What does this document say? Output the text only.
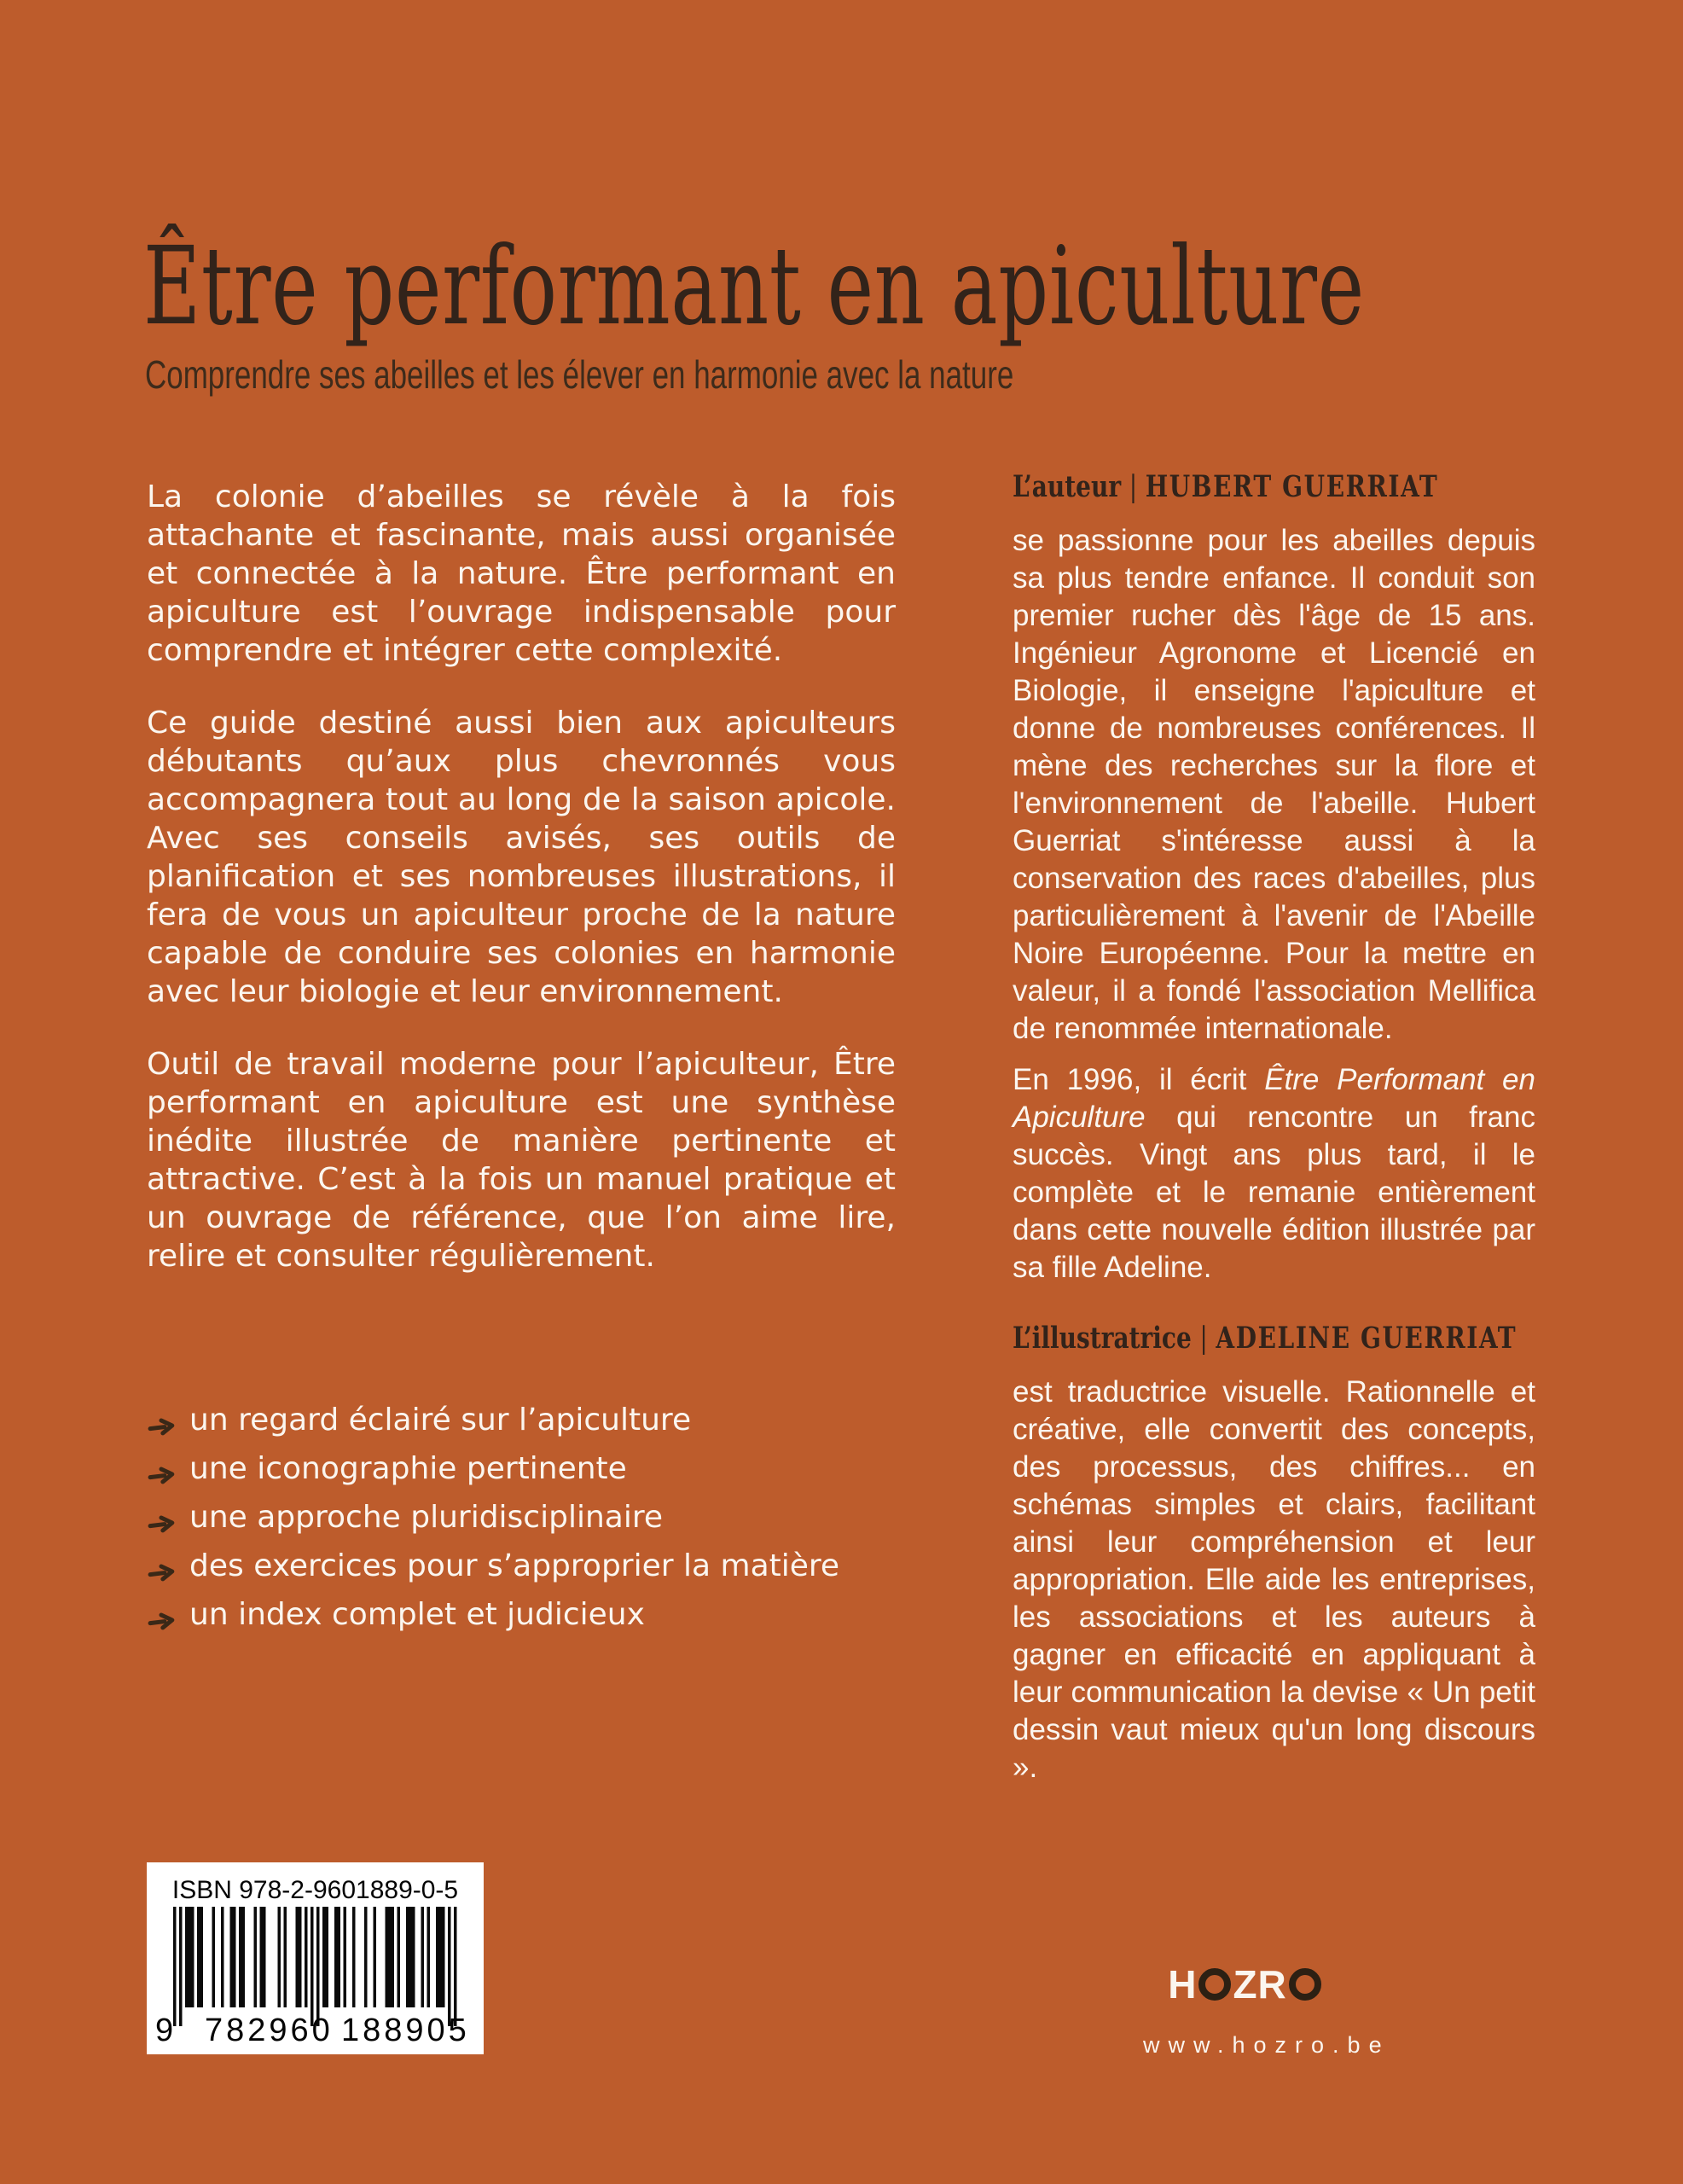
Être performant en apiculture
Comprendre ses abeilles et les élever en harmonie avec la nature

La colonie d’abeilles se révèle à la fois attachante et fascinante, mais aussi organisée et connectée à la nature. Être performant en apiculture est l’ouvrage indispensable pour comprendre et intégrer cette complexité.

Ce guide destiné aussi bien aux apiculteurs débutants qu’aux plus chevronnés vous accompagnera tout au long de la saison apicole. Avec ses conseils avisés, ses outils de planification et ses nombreuses illustrations, il fera de vous un apiculteur proche de la nature capable de conduire ses colonies en harmonie avec leur biologie et leur environnement.

Outil de travail moderne pour l’apiculteur, Être performant en apiculture est une synthèse inédite illustrée de manière pertinente et attractive. C’est à la fois un manuel pratique et un ouvrage de référence, que l’on aime lire, relire et consulter régulièrement.

un regard éclairé sur l’apiculture
une iconographie pertinente
une approche pluridisciplinaire
des exercices pour s’approprier la matière
un index complet et judicieux
L’auteur | HUBERT GUERRIAT

se passionne pour les abeilles depuis sa plus tendre enfance. Il conduit son premier rucher dès l'âge de 15 ans. Ingénieur Agronome et Licencié en Biologie, il enseigne l'apiculture et donne de nombreuses conférences. Il mène des recherches sur la flore et l'environnement de l'abeille. Hubert Guerriat s'intéresse aussi à la conservation des races d'abeilles, plus particulièrement à l'avenir de l'Abeille Noire Européenne. Pour la mettre en valeur, il a fondé l'association Mellifica de renommée internationale.

En 1996, il écrit Être Performant en Apiculture qui rencontre un franc succès. Vingt ans plus tard, il le complète et le remanie entièrement dans cette nouvelle édition illustrée par sa fille Adeline.

L’illustratrice | ADELINE GUERRIAT

est traductrice visuelle. Rationnelle et créative, elle convertit des concepts, des processus, des chiffres... en schémas simples et clairs, facilitant ainsi leur compréhension et leur appropriation. Elle aide les entreprises, les associations et les auteurs à gagner en efficacité en appliquant à leur communication la devise « Un petit dessin vaut mieux qu'un long discours ».

ISBN 978-2-9601889-0-5
9 782960 188905
H Z R
www.hozro.be
